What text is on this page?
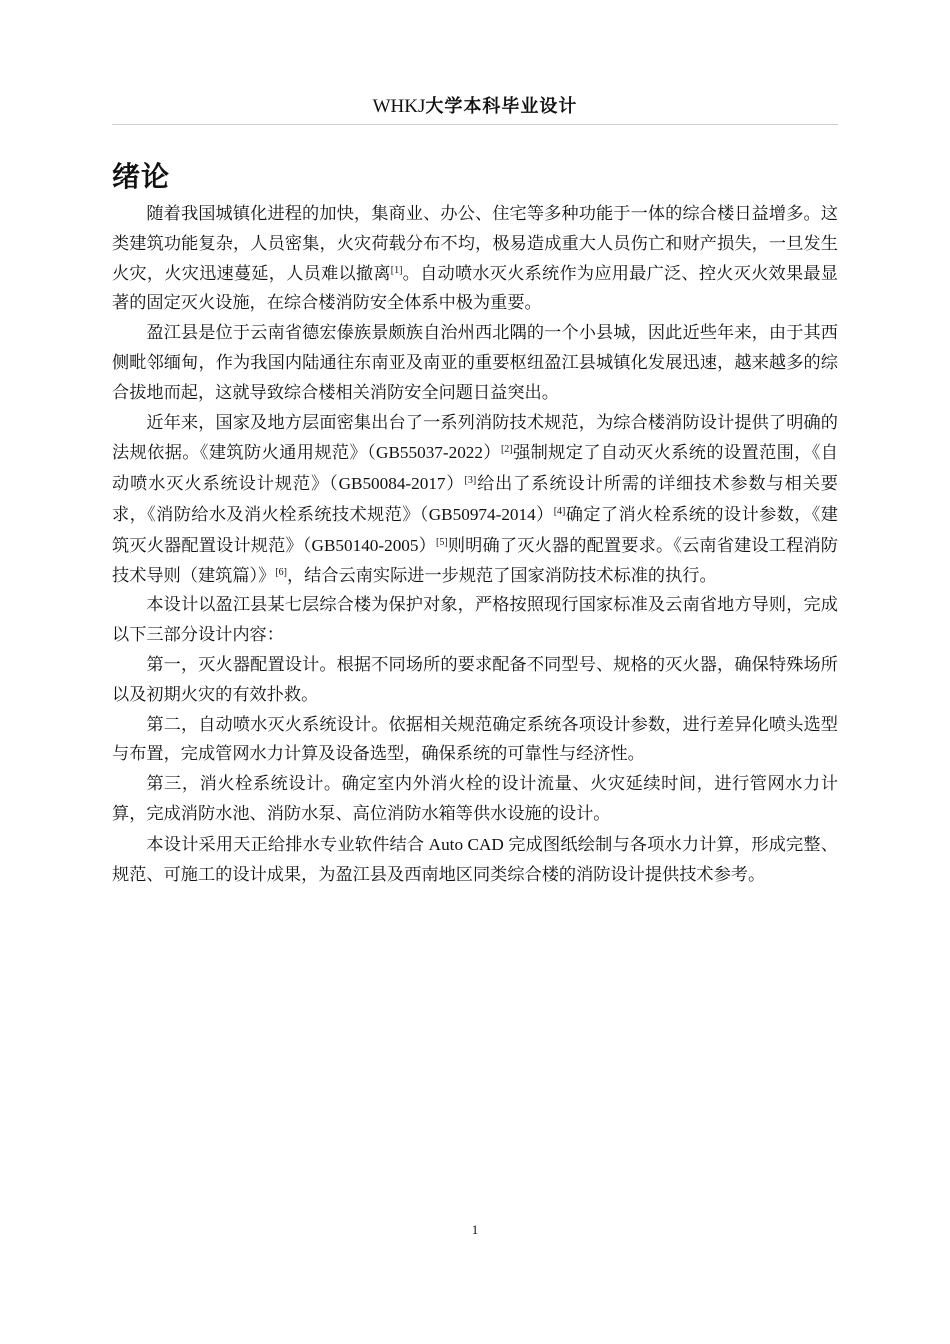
WHKJ大学本科毕业设计
绪论

随着我国城镇化进程的加快，集商业、办公、住宅等多种功能于一体的综合楼日益增多。这类建筑功能复杂，人员密集，火灾荷载分布不均，极易造成重大人员伤亡和财产损失，一旦发生火灾，火灾迅速蔓延，人员难以撤离[1]。自动喷水灭火系统作为应用最广泛、控火灭火效果最显著的固定灭火设施，在综合楼消防安全体系中极为重要。

盈江县是位于云南省德宏傣族景颇族自治州西北隅的一个小县城，因此近些年来，由于其西侧毗邻缅甸，作为我国内陆通往东南亚及南亚的重要枢纽盈江县城镇化发展迅速，越来越多的综合拔地而起，这就导致综合楼相关消防安全问题日益突出。

近年来，国家及地方层面密集出台了一系列消防技术规范，为综合楼消防设计提供了明确的法规依据。《建筑防火通用规范》（GB55037-2022）[2]强制规定了自动灭火系统的设置范围，《自动喷水灭火系统设计规范》（GB50084-2017）[3]给出了系统设计所需的详细技术参数与相关要求，《消防给水及消火栓系统技术规范》（GB50974-2014）[4]确定了消火栓系统的设计参数，《建筑灭火器配置设计规范》（GB50140-2005）[5]则明确了灭火器的配置要求。《云南省建设工程消防技术导则（建筑篇）》[6]，结合云南实际进一步规范了国家消防技术标准的执行。

本设计以盈江县某七层综合楼为保护对象，严格按照现行国家标准及云南省地方导则，完成以下三部分设计内容：

第一，灭火器配置设计。根据不同场所的要求配备不同型号、规格的灭火器，确保特殊场所以及初期火灾的有效扑救。

第二，自动喷水灭火系统设计。依据相关规范确定系统各项设计参数，进行差异化喷头选型与布置，完成管网水力计算及设备选型，确保系统的可靠性与经济性。

第三，消火栓系统设计。确定室内外消火栓的设计流量、火灾延续时间，进行管网水力计算，完成消防水池、消防水泵、高位消防水箱等供水设施的设计。

本设计采用天正给排水专业软件结合 Auto CAD 完成图纸绘制与各项水力计算，形成完整、规范、可施工的设计成果，为盈江县及西南地区同类综合楼的消防设计提供技术参考。

1
